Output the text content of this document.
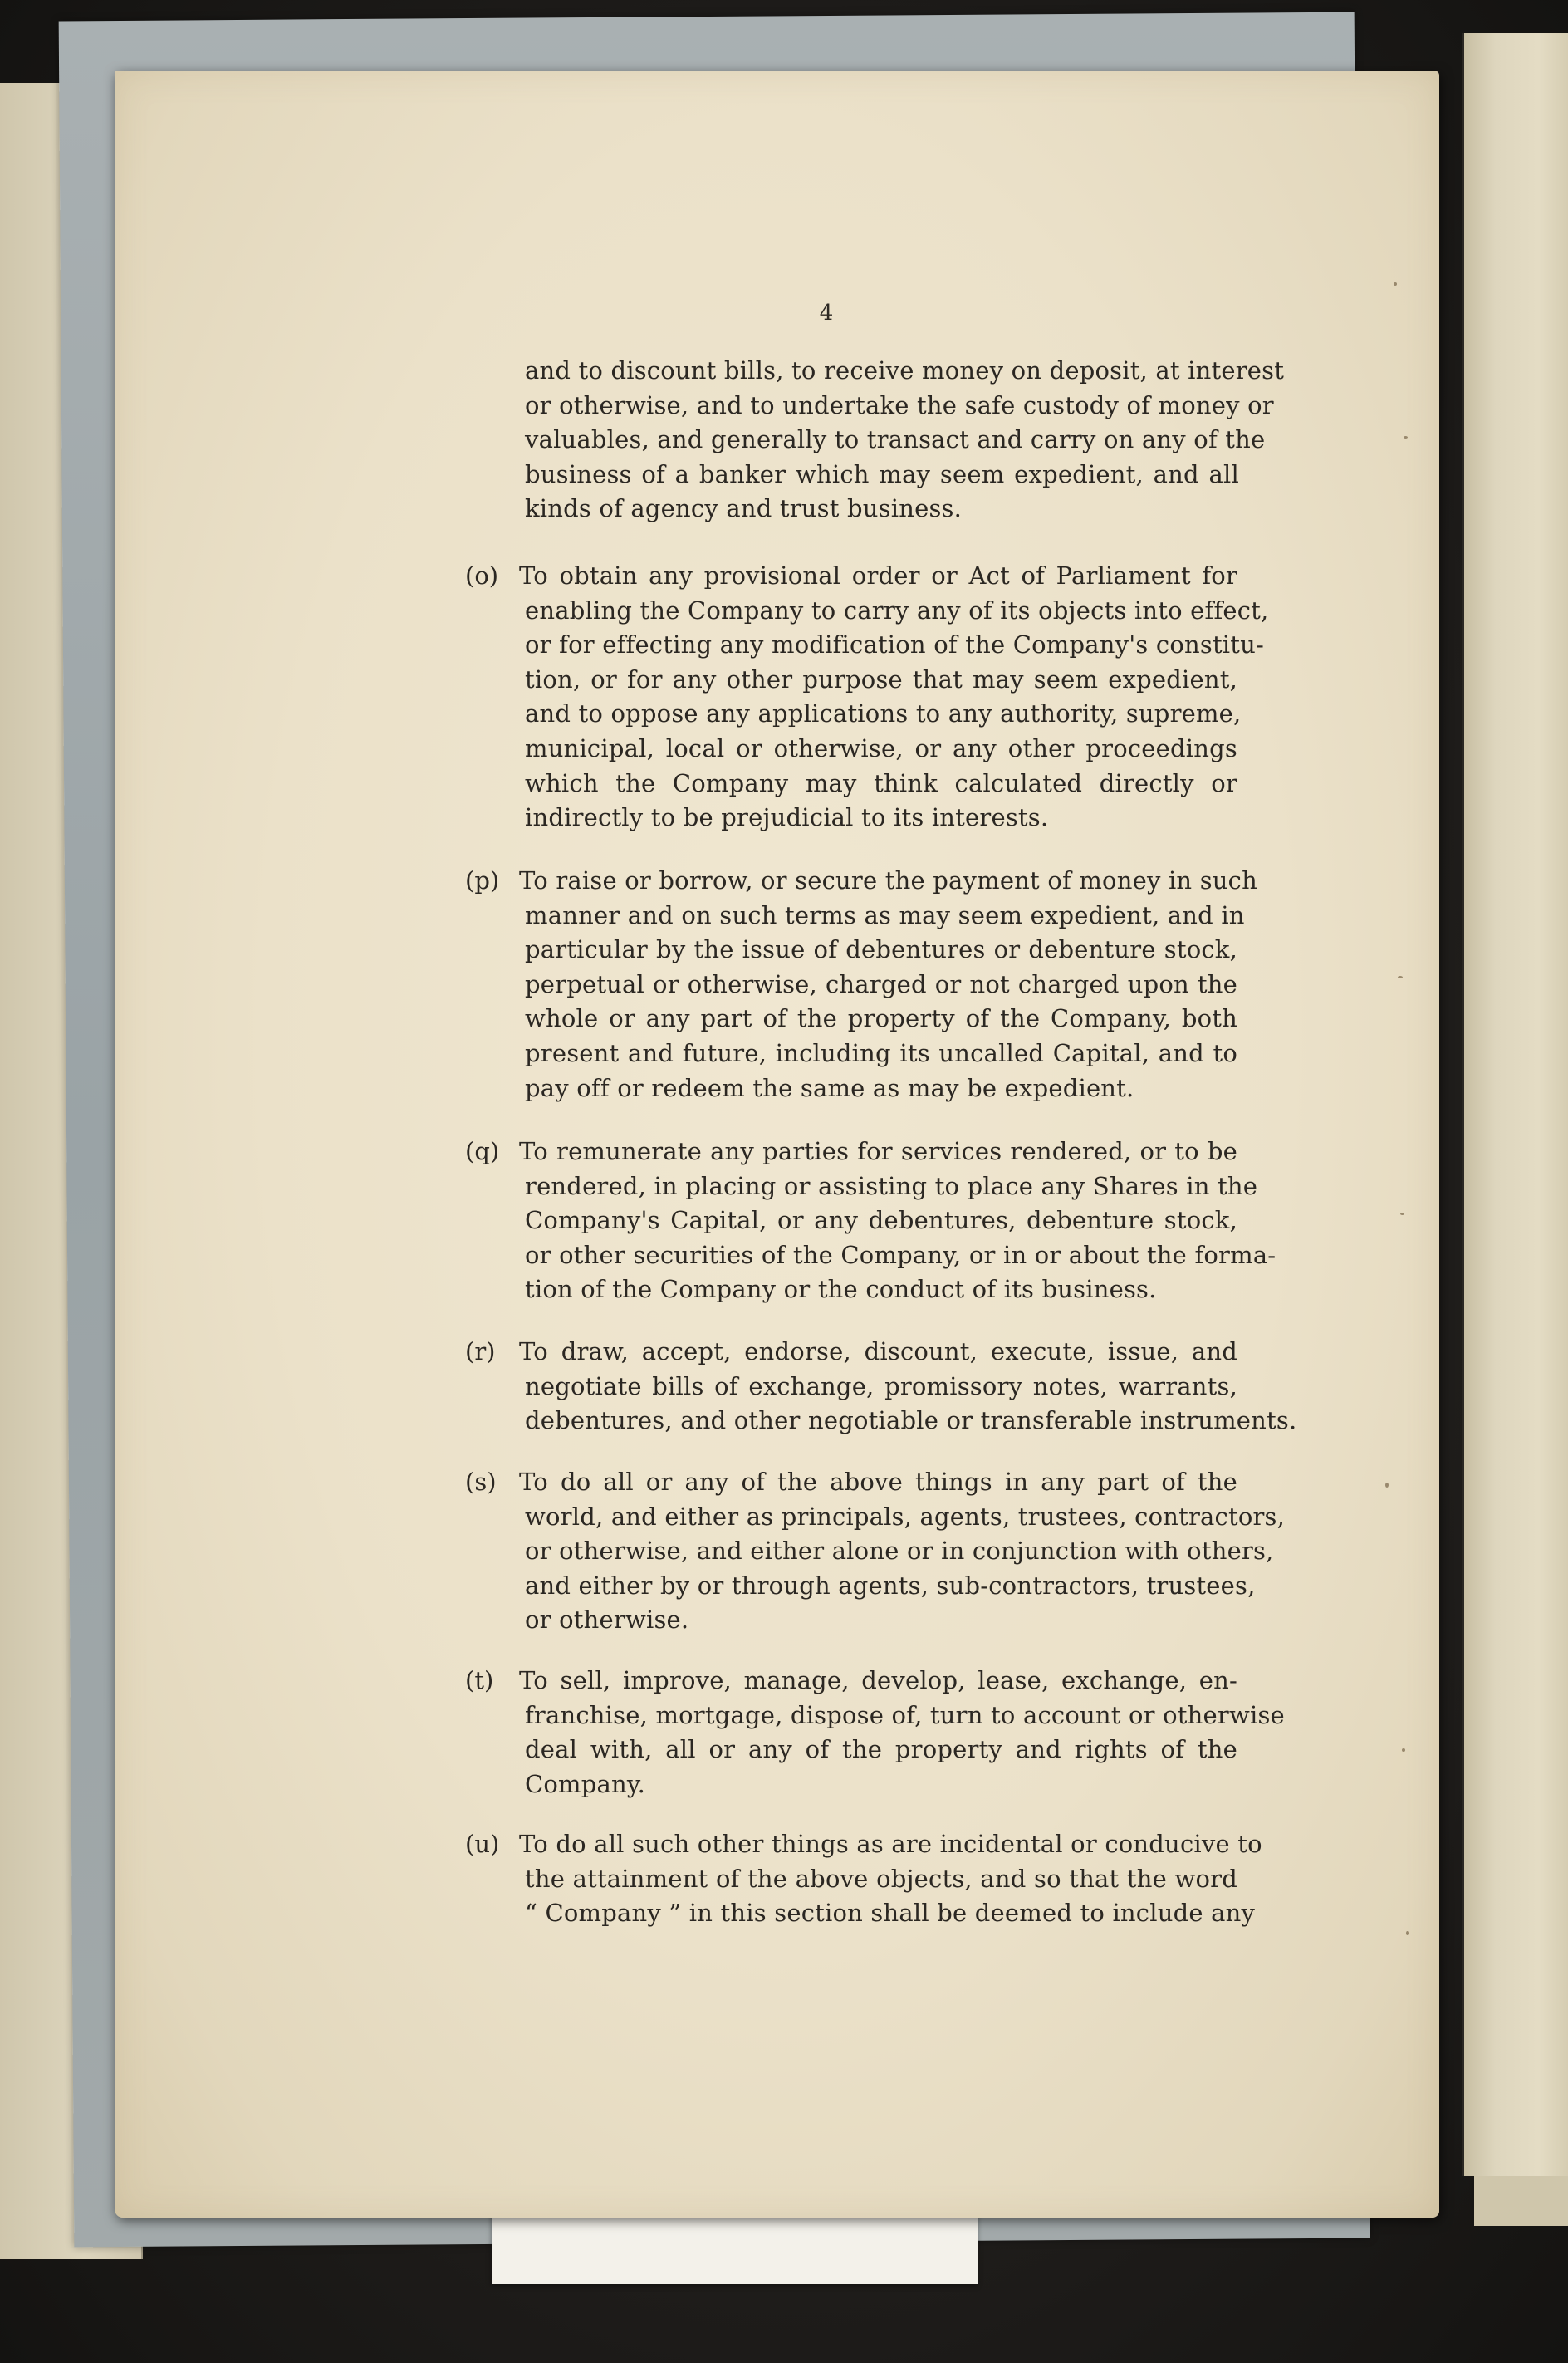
4
and to discount bills, to receive money on deposit, at interest
or otherwise, and to undertake the safe custody of money or
valuables, and generally to transact and carry on any of the
business of a banker which may seem expedient, and all
kinds of agency and trust business.
(o) To obtain any provisional order or Act of Parliament for
enabling the Company to carry any of its objects into effect,
or for effecting any modification of the Company's constitu-
tion, or for any other purpose that may seem expedient,
and to oppose any applications to any authority, supreme,
municipal, local or otherwise, or any other proceedings
which the Company may think calculated directly or
indirectly to be prejudicial to its interests.
(p) To raise or borrow, or secure the payment of money in such
manner and on such terms as may seem expedient, and in
particular by the issue of debentures or debenture stock,
perpetual or otherwise, charged or not charged upon the
whole or any part of the property of the Company, both
present and future, including its uncalled Capital, and to
pay off or redeem the same as may be expedient.
(q) To remunerate any parties for services rendered, or to be
rendered, in placing or assisting to place any Shares in the
Company's Capital, or any debentures, debenture stock,
or other securities of the Company, or in or about the forma-
tion of the Company or the conduct of its business.
(r) To draw, accept, endorse, discount, execute, issue, and
negotiate bills of exchange, promissory notes, warrants,
debentures, and other negotiable or transferable instruments.
(s) To do all or any of the above things in any part of the
world, and either as principals, agents, trustees, contractors,
or otherwise, and either alone or in conjunction with others,
and either by or through agents, sub-contractors, trustees,
or otherwise.
(t)	To sell, improve, manage, develop, lease, exchange, en-
franchise, mortgage, dispose of, turn to account or otherwise
deal with, all or any of the property and rights of the
Company.
(u) To do all such other things as are incidental or conducive to
the attainment of the above objects, and so that the word
“ Company ” in this section shall be deemed to include any
